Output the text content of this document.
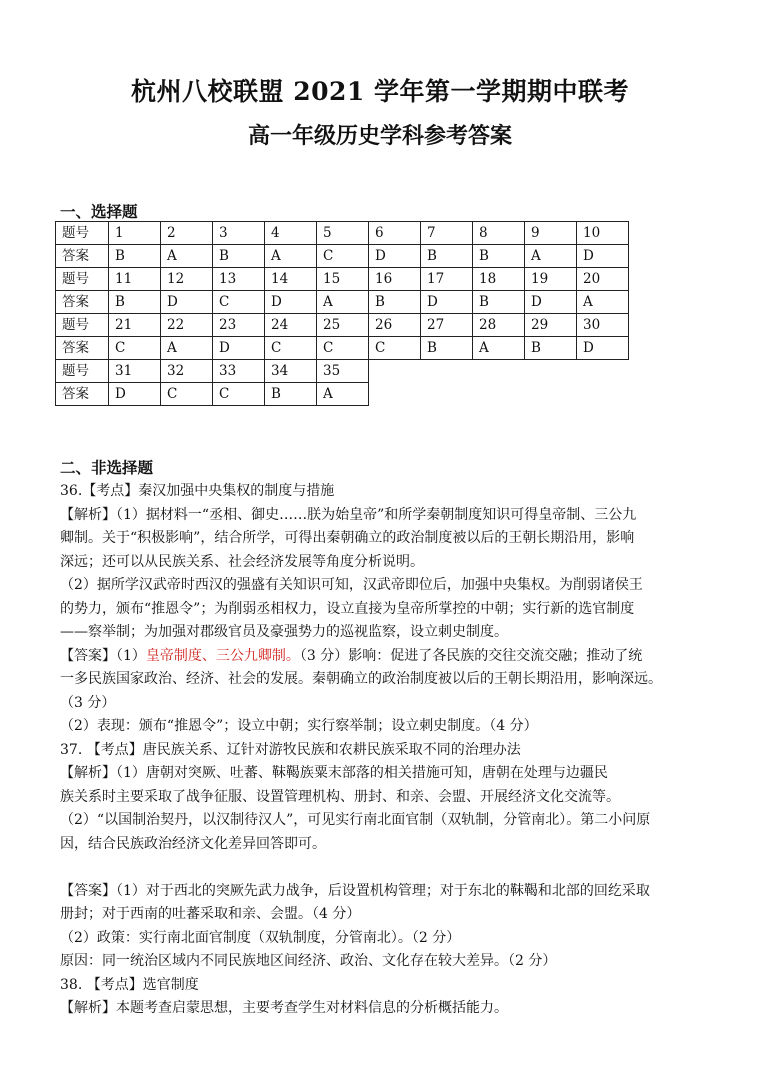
杭州八校联盟 2021 学年第一学期期中联考
高一年级历史学科参考答案
一、选择题
题号	1	2	3	4	5	6	7	8	9	10
答案	B	A	B	A	C	D	B	B	A	D
题号	11	12	13	14	15	16	17	18	19	20
答案	B	D	C	D	A	B	D	B	D	A
题号	21	22	23	24	25	26	27	28	29	30
答案	C	A	D	C	C	C	B	A	B	D
题号	31	32	33	34	35					
答案	D	C	C	B	A					
二、非选择题
36.【考点】秦汉加强中央集权的制度与措施
【解析】（1）据材料一“丞相、御史……朕为始皇帝”和所学秦朝制度知识可得皇帝制、三公九
卿制。关于“积极影响”，结合所学，可得出秦朝确立的政治制度被以后的王朝长期沿用，影响
深远；还可以从民族关系、社会经济发展等角度分析说明。
（2）据所学汉武帝时西汉的强盛有关知识可知，汉武帝即位后，加强中央集权。为削弱诸侯王
的势力，颁布“推恩令”；为削弱丞相权力，设立直接为皇帝所掌控的中朝；实行新的选官制度
——察举制；为加强对郡级官员及豪强势力的巡视监察，设立刺史制度。
【答案】（1）皇帝制度、三公九卿制。（3 分）影响：促进了各民族的交往交流交融；推动了统
一多民族国家政治、经济、社会的发展。秦朝确立的政治制度被以后的王朝长期沿用，影响深远。
（3 分）
（2）表现：颁布“推恩令”；设立中朝；实行察举制；设立刺史制度。（4 分）
37. 【考点】唐民族关系、辽针对游牧民族和农耕民族采取不同的治理办法
【解析】（1）唐朝对突厥、吐蕃、靺鞨族粟末部落的相关措施可知，唐朝在处理与边疆民
族关系时主要采取了战争征服、设置管理机构、册封、和亲、会盟、开展经济文化交流等。
（2）“以国制治契丹，以汉制待汉人”，可见实行南北面官制（双轨制，分管南北）。第二小问原
因，结合民族政治经济文化差异回答即可。
【答案】（1）对于西北的突厥先武力战争，后设置机构管理；对于东北的靺鞨和北部的回纥采取
册封；对于西南的吐蕃采取和亲、会盟。（4 分）
（2）政策：实行南北面官制度（双轨制度，分管南北）。（2 分）
原因：同一统治区域内不同民族地区间经济、政治、文化存在较大差异。（2 分）
38. 【考点】选官制度
【解析】本题考查启蒙思想，主要考查学生对材料信息的分析概括能力。
